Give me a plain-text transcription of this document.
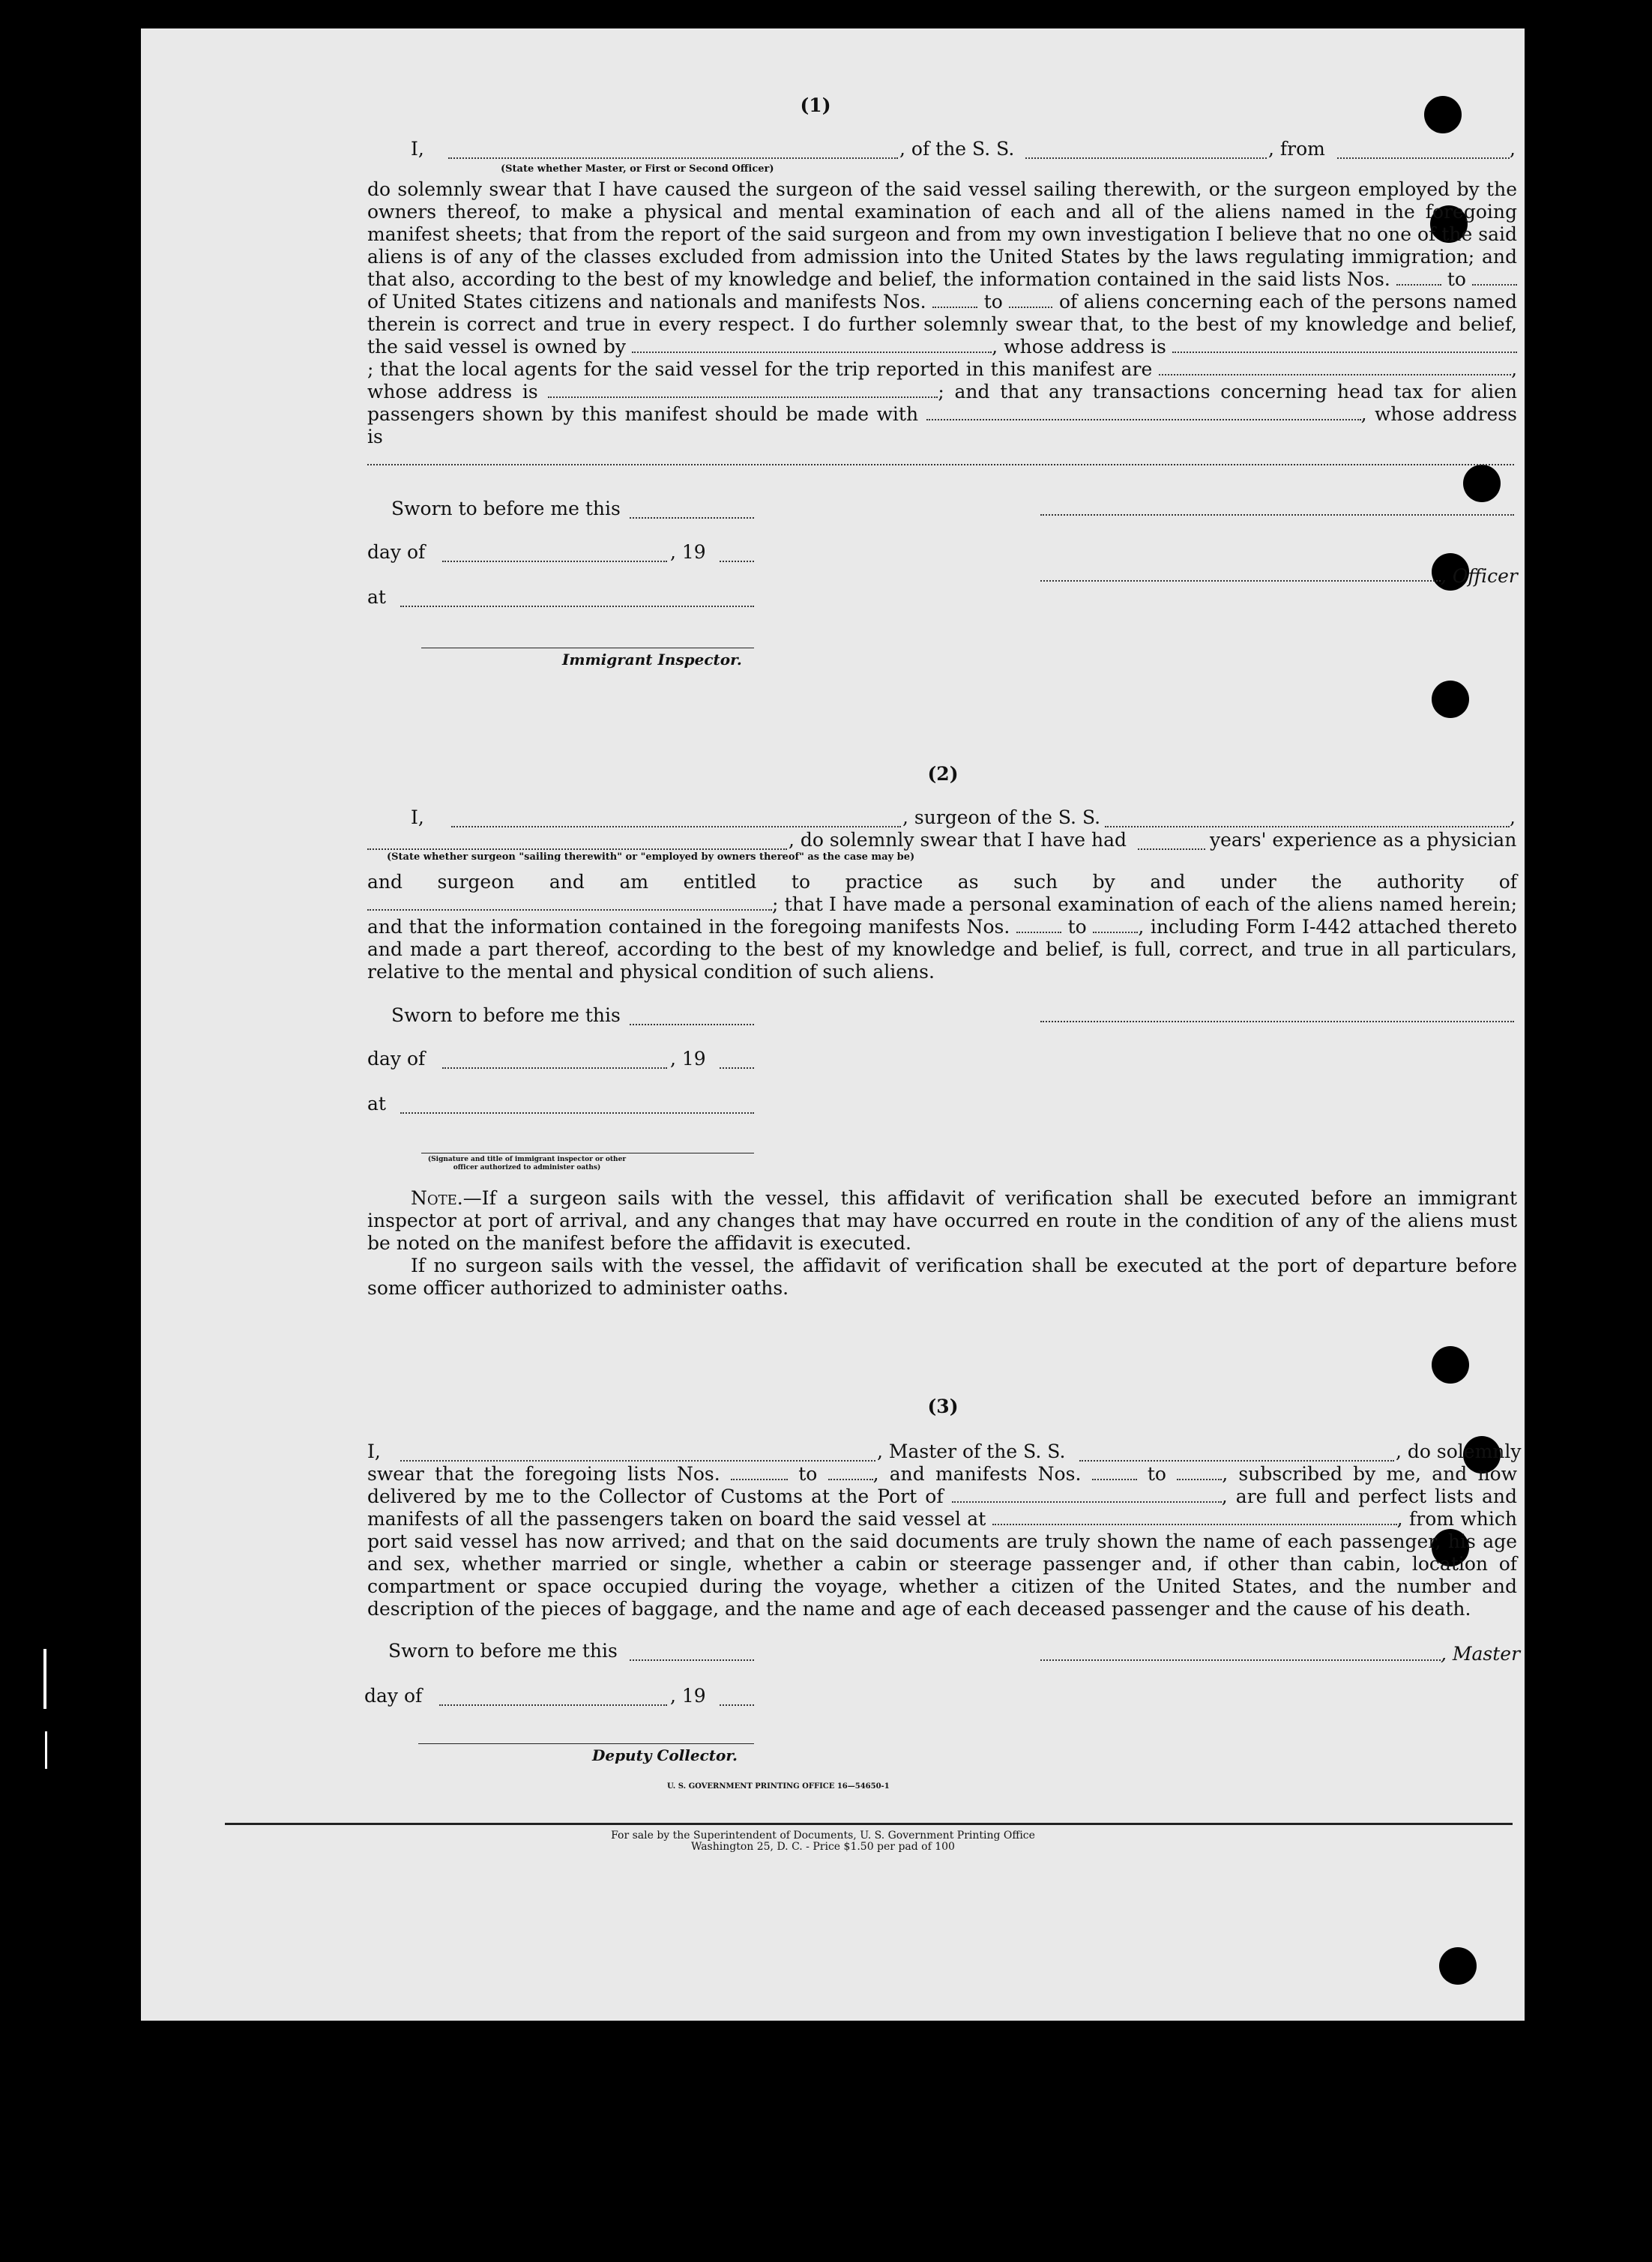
(1)
I,	, of the S. S.	, from	,
(State whether Master, or First or Second Officer)

do solemnly swear that I have caused the surgeon of the said vessel sailing therewith, or the surgeon employed by the owners thereof, to make a physical and mental examination of each and all of the aliens named in the foregoing manifest sheets; that from the report of the said surgeon and from my own investigation I believe that no one of the said aliens is of any of the classes excluded from admission into the United States by the laws regulating immigration; and that also, according to the best of my knowledge and belief, the information contained in the said lists Nos.	to  of United States citizens and nationals and manifests Nos.	to	of aliens concerning each of the persons named therein is correct and true in every respect. I do further solemnly swear that, to the best of my knowledge and belief, the said vessel is owned by	, whose address is ; that the local agents for the said vessel for the trip reported in this manifest are	, whose address is	; and that any transactions concerning head tax for alien passengers shown by this manifest should be made with	, whose address is

Sworn to before me this
day of	, 19
, Officer
at
Immigrant Inspector.
(2)
I,	, surgeon of the S. S.	,
, do solemnly swear that I have had	years' experience as a physician
(State whether surgeon "sailing therewith" or "employed by owners thereof" as the case may be)

and surgeon and am entitled to practice as such by and under the authority of ; that I have made a personal examination of each of the aliens named herein; and that the information contained in the foregoing manifests Nos.	to	, including Form I-442 attached thereto and made a part thereof, according to the best of my knowledge and belief, is full, correct, and true in all particulars, relative to the mental and physical condition of such aliens.

Sworn to before me this
day of	, 19
at
(Signature and title of immigrant inspector or other officer authorized to administer oaths)

Note.—If a surgeon sails with the vessel, this affidavit of verification shall be executed before an immigrant inspector at port of arrival, and any changes that may have occurred en route in the condition of any of the aliens must be noted on the manifest before the affidavit is executed.

If no surgeon sails with the vessel, the affidavit of verification shall be executed at the port of departure before some officer authorized to administer oaths.

(3)
I,	, Master of the S. S.	, do solemnly

swear that the foregoing lists Nos.	to	, and manifests Nos.	to	, subscribed by me, and now delivered by me to the Collector of Customs at the Port of	, are full and perfect lists and manifests of all the passengers taken on board the said vessel at	, from which port said vessel has now arrived; and that on the said documents are truly shown the name of each passenger, his age and sex, whether married or single, whether a cabin or steerage passenger and, if other than cabin, location of compartment or space occupied during the voyage, whether a citizen of the United States, and the number and description of the pieces of baggage, and the name and age of each deceased passenger and the cause of his death.

Sworn to before me this	, Master
day of	, 19
Deputy Collector.
U. S. GOVERNMENT PRINTING OFFICE 16—54650-1
For sale by the Superintendent of Documents, U. S. Government Printing Office
Washington 25, D. C. - Price $1.50 per pad of 100
